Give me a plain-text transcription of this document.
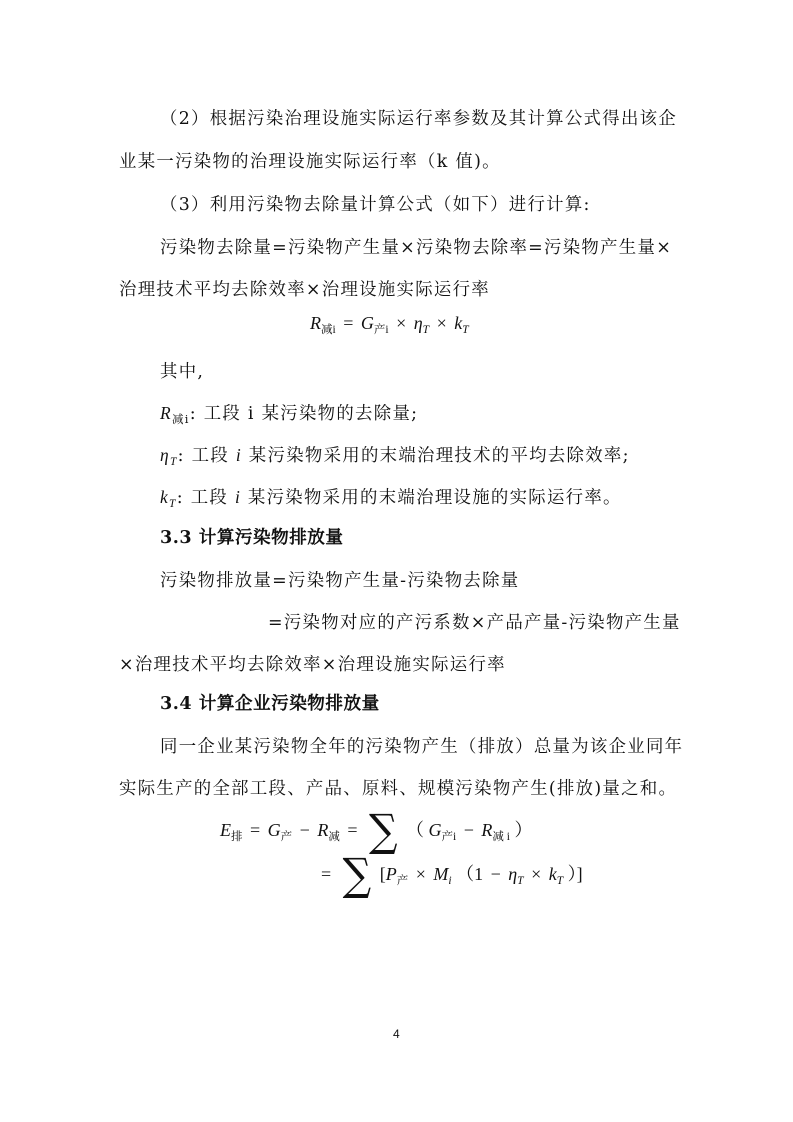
（2）根据污染治理设施实际运行率参数及其计算公式得出该企
业某一污染物的治理设施实际运行率（k 值)。
（3）利用污染物去除量计算公式（如下）进行计算:
污染物去除量=污染物产生量×污染物去除率=污染物产生量×
治理技术平均去除效率×治理设施实际运行率
$R_{减i} = G_{产i} \times \eta_T \times k_T$
其中,
$R_{减i}$: 工段 i 某污染物的去除量;
$\eta_T$: 工段 i 某污染物采用的末端治理技术的平均去除效率;
$k_T$: 工段 i 某污染物采用的末端治理设施的实际运行率。
3.3 计算污染物排放量
污染物排放量=污染物产生量-污染物去除量
=污染物对应的产污系数×产品产量-污染物产生量
×治理技术平均去除效率×治理设施实际运行率
3.4 计算企业污染物排放量
同一企业某污染物全年的污染物产生（排放）总量为该企业同年
实际生产的全部工段、产品、原料、规模污染物产生(排放)量之和。
$E_排 = G_产 - R_减$ = ∑ （ $G_{产i} - R_{减 i}$ ）
= ∑ [$P_产 \times M_i$ （$1 - \eta_T \times k_T$ ）]
4
